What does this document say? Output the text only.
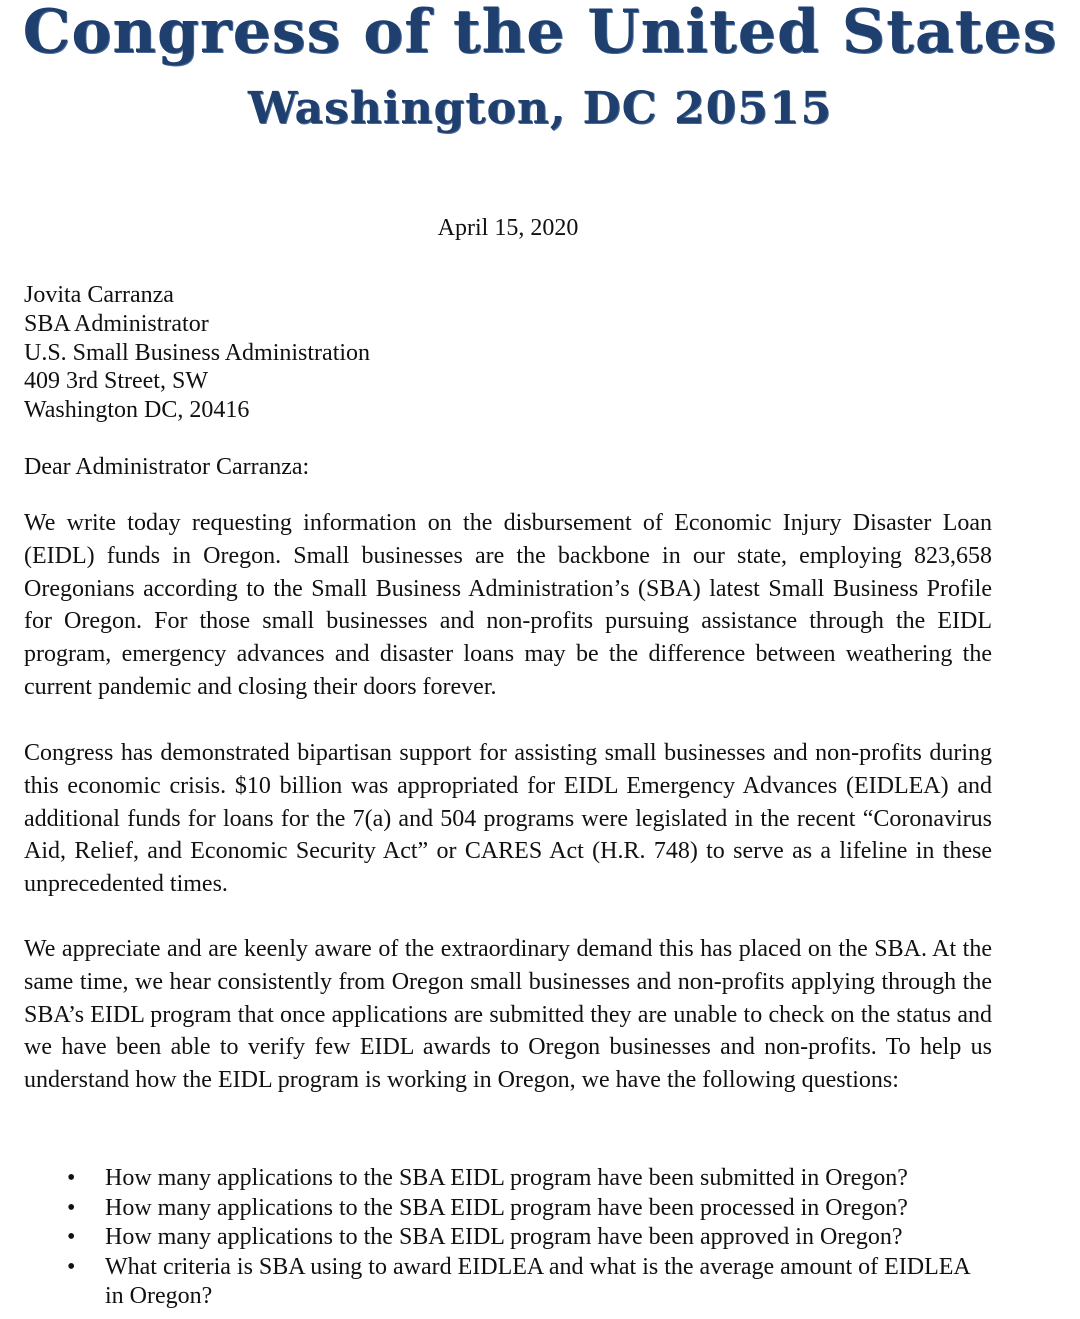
Congress of the United States
Washington, DC 20515
April 15, 2020
Jovita Carranza
SBA Administrator
U.S. Small Business Administration
409 3rd Street, SW
Washington DC, 20416
Dear Administrator Carranza:

We write today requesting information on the disbursement of Economic Injury Disaster Loan (EIDL) funds in Oregon. Small businesses are the backbone in our state, employing 823,658 Oregonians according to the Small Business Administration’s (SBA) latest Small Business Profile for Oregon. For those small businesses and non-profits pursuing assistance through the EIDL program, emergency advances and disaster loans may be the difference between weathering the current pandemic and closing their doors forever.

Congress has demonstrated bipartisan support for assisting small businesses and non-profits during this economic crisis. $10 billion was appropriated for EIDL Emergency Advances (EIDLEA) and additional funds for loans for the 7(a) and 504 programs were legislated in the recent “Coronavirus Aid, Relief, and Economic Security Act” or CARES Act (H.R. 748) to serve as a lifeline in these unprecedented times.

We appreciate and are keenly aware of the extraordinary demand this has placed on the SBA. At the same time, we hear consistently from Oregon small businesses and non-profits applying through the SBA’s EIDL program that once applications are submitted they are unable to check on the status and we have been able to verify few EIDL awards to Oregon businesses and non-profits. To help us understand how the EIDL program is working in Oregon, we have the following questions:

• How many applications to the SBA EIDL program have been submitted in Oregon?
• How many applications to the SBA EIDL program have been processed in Oregon?
• How many applications to the SBA EIDL program have been approved in Oregon?
• What criteria is SBA using to award EIDLEA and what is the average amount of EIDLEA in Oregon?
